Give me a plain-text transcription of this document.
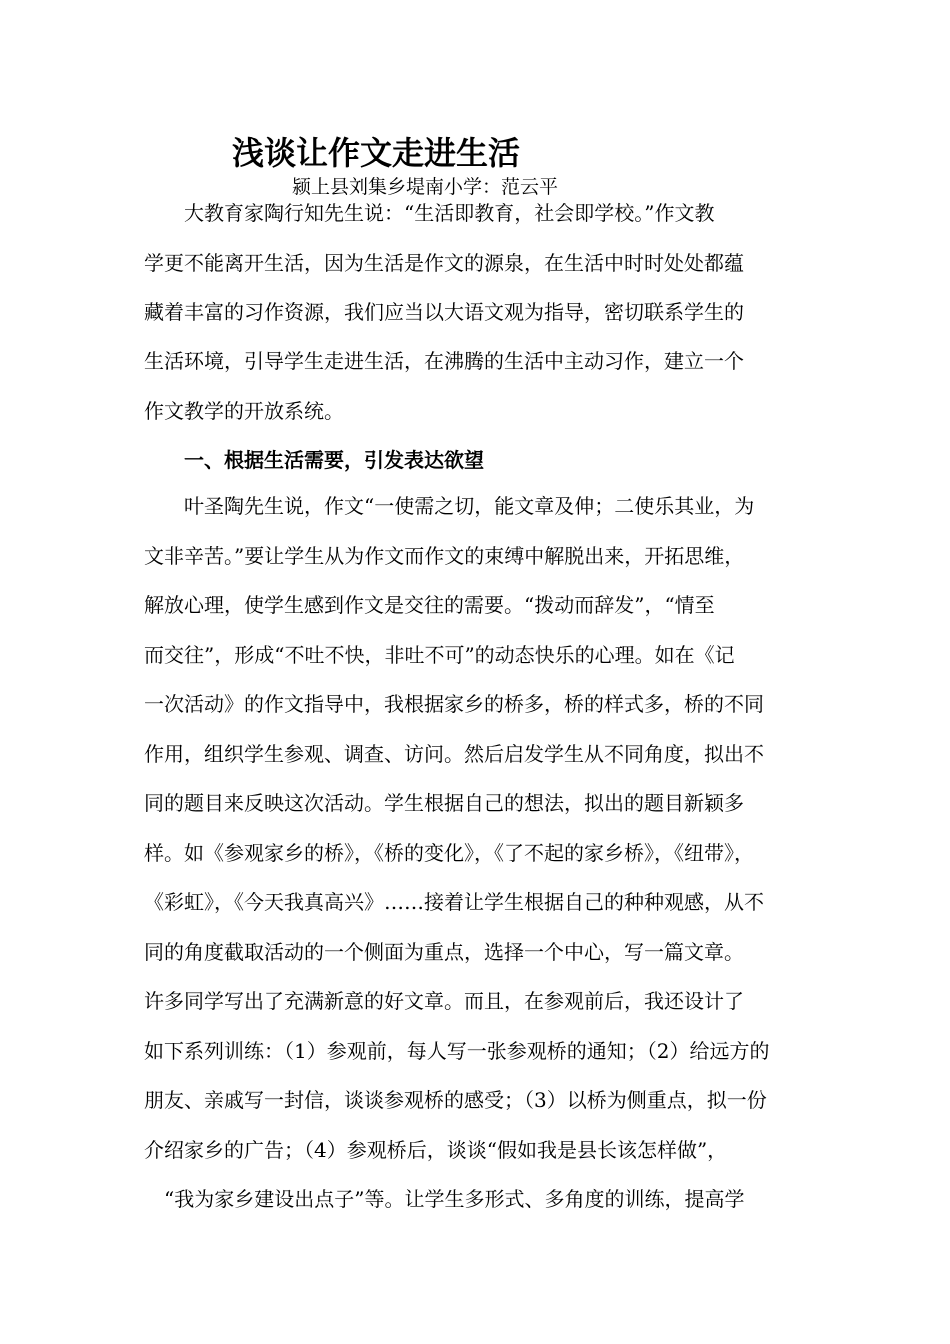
浅谈让作文走进生活
颍上县刘集乡堤南小学：范云平
　　大教育家陶行知先生说：“生活即教育，社会即学校。”作文教
学更不能离开生活，因为生活是作文的源泉，在生活中时时处处都蕴
藏着丰富的习作资源，我们应当以大语文观为指导，密切联系学生的
生活环境，引导学生走进生活，在沸腾的生活中主动习作，建立一个
作文教学的开放系统。
　　一、根据生活需要，引发表达欲望
　　叶圣陶先生说，作文“一使需之切，能文章及伸；二使乐其业，为
文非辛苦。”要让学生从为作文而作文的束缚中解脱出来，开拓思维，
解放心理，使学生感到作文是交往的需要。“拨动而辞发”，“情至
而交往”，形成“不吐不快，非吐不可”的动态快乐的心理。如在《记
一次活动》的作文指导中，我根据家乡的桥多，桥的样式多，桥的不同
作用，组织学生参观、调查、访问。然后启发学生从不同角度，拟出不
同的题目来反映这次活动。学生根据自己的想法，拟出的题目新颖多
样。如《参观家乡的桥》，《桥的变化》，《了不起的家乡桥》，《纽带》，
《彩虹》，《今天我真高兴》……接着让学生根据自己的种种观感，从不
同的角度截取活动的一个侧面为重点，选择一个中心，写一篇文章。
许多同学写出了充满新意的好文章。而且，在参观前后，我还设计了
如下系列训练：（1）参观前，每人写一张参观桥的通知；（2）给远方的
朋友、亲戚写一封信，谈谈参观桥的感受；（3）以桥为侧重点，拟一份
介绍家乡的广告；（4）参观桥后，谈谈“假如我是县长该怎样做”，
　“我为家乡建设出点子”等。让学生多形式、多角度的训练，提高学
